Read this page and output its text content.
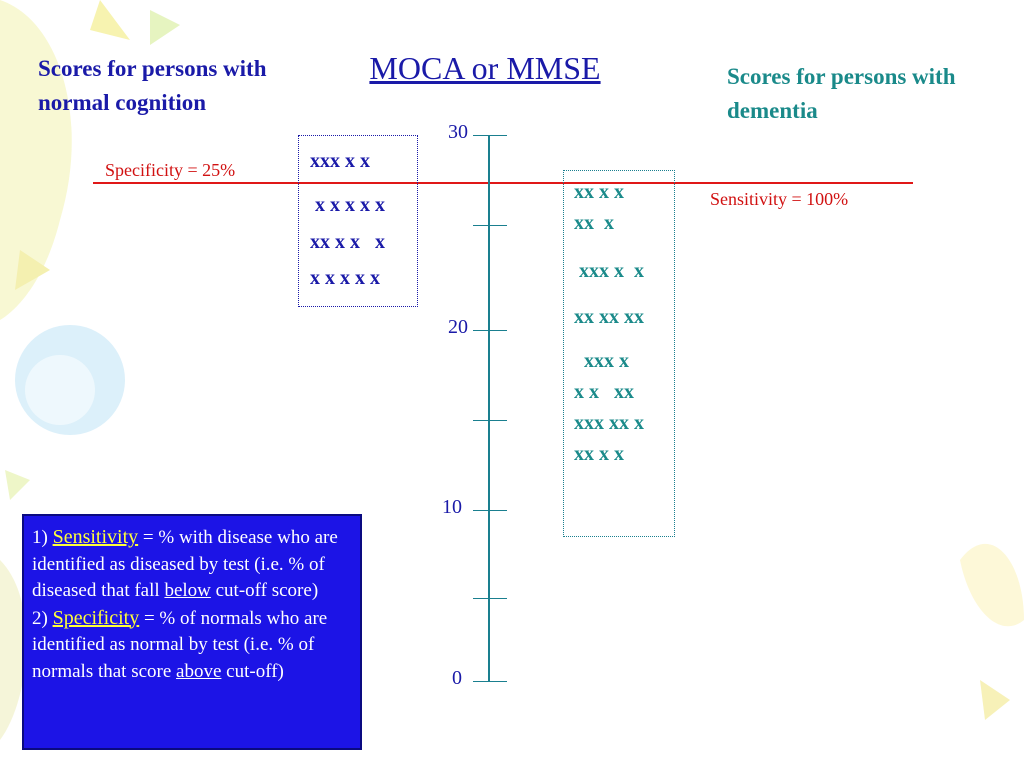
MOCA or MMSE
Scores for persons with normal cognition
Scores for persons with dementia
Specificity = 25%
Sensitivity = 100%
30
20
10
0
xxx x x
x x x x x
xx x x   x
x x x x x
xx x x
xx  x
xxx x  x
xx xx xx
xxx x
x x   xx
xxx xx x
xx x x
1) Sensitivity = % with disease who are identified as diseased by test (i.e. % of diseased that fall below cut-off score)
2) Specificity = % of normals who are identified as normal by test (i.e. % of normals that score above cut-off)
